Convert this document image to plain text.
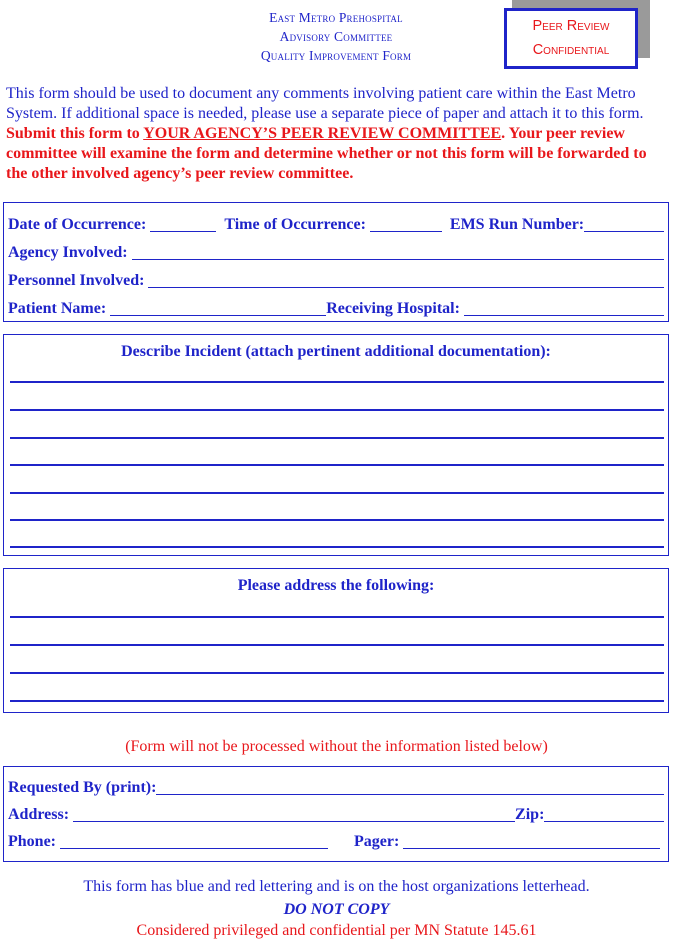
East Metro Prehospital
Advisory Committee
Quality Improvement Form
Peer Review
Confidential
This form should be used to document any comments involving patient care within the East Metro System. If additional space is needed, please use a separate piece of paper and attach it to this form. Submit this form to YOUR AGENCY’S PEER REVIEW COMMITTEE. Your peer review committee will examine the form and determine whether or not this form will be forwarded to the other involved agency’s peer review committee.
Date of Occurrence:	Time of Occurrence:	EMS Run Number:
Agency Involved:
Personnel Involved:
Patient Name:	Receiving Hospital:
Describe Incident (attach pertinent additional documentation):
Please address the following:
(Form will not be processed without the information listed below)
Requested By (print):
Address:	Zip:
Phone:	Pager:
This form has blue and red lettering and is on the host organizations letterhead.
DO NOT COPY
Considered privileged and confidential per MN Statute 145.61
